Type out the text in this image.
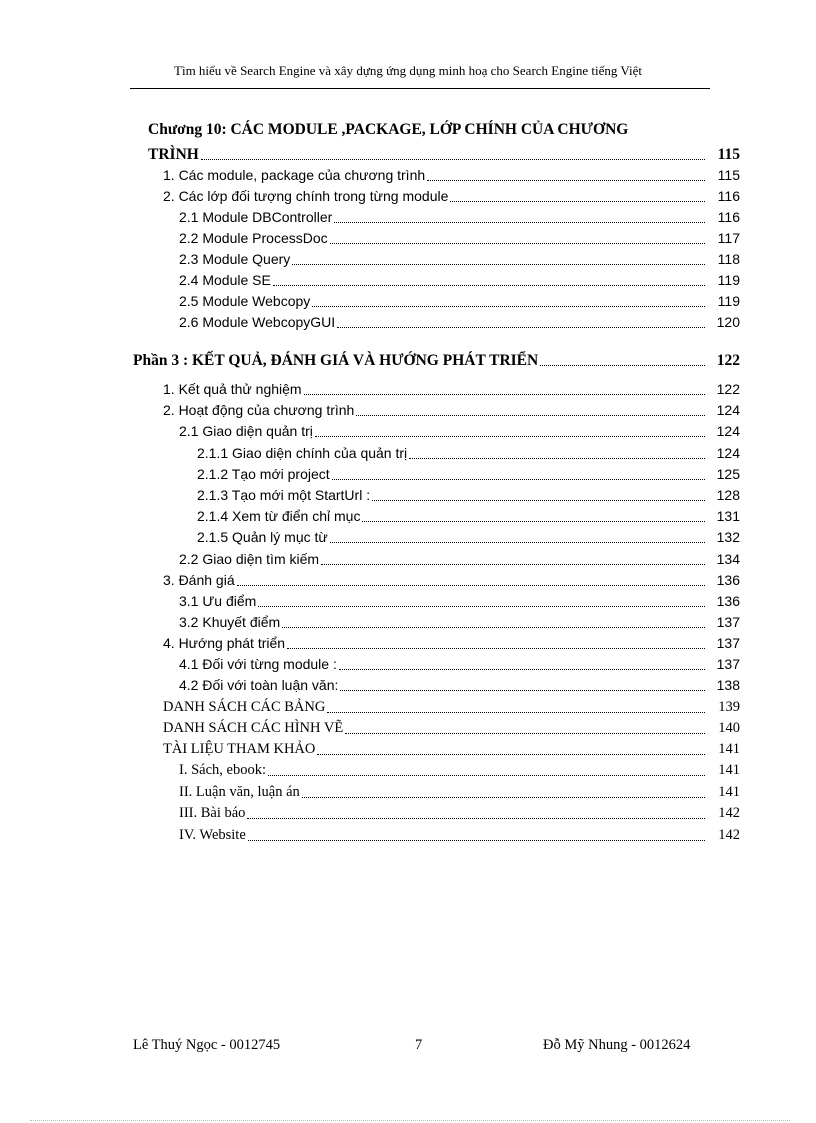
Tìm hiểu về Search Engine và xây dựng ứng dụng minh hoạ cho Search Engine tiếng Việt
Chương 10: CÁC MODULE ,PACKAGE, LỚP CHÍNH CỦA CHƯƠNG
TRÌNH	115
1. Các module, package của chương trình	115
2. Các lớp đối tượng chính trong từng module	116
2.1 Module DBController	116
2.2 Module ProcessDoc	117
2.3 Module Query	118
2.4 Module SE	119
2.5 Module Webcopy	119
2.6 Module WebcopyGUI	120
Phần 3 : KẾT QUẢ, ĐÁNH GIÁ VÀ HƯỚNG PHÁT TRIỂN	122
1. Kết quả thử nghiệm	122
2. Hoạt động của chương trình	124
2.1 Giao diện quản trị	124
2.1.1 Giao diện chính của quản trị	124
2.1.2 Tạo mới project	125
2.1.3 Tạo mới một StartUrl :	128
2.1.4 Xem từ điển chỉ mục	131
2.1.5 Quản lý mục từ	132
2.2 Giao diện tìm kiếm	134
3. Đánh giá	136
3.1 Ưu điểm	136
3.2 Khuyết điểm	137
4. Hướng phát triển	137
4.1 Đối với từng module :	137
4.2 Đối với toàn luận văn:	138
DANH SÁCH CÁC BẢNG	139
DANH SÁCH CÁC HÌNH VẼ	140
TÀI LIỆU THAM KHẢO	141
I. Sách, ebook:	141
II. Luận văn, luận án	141
III. Bài báo	142
IV. Website	142
Lê Thuý Ngọc - 0012745	7	Đỗ Mỹ Nhung - 0012624
